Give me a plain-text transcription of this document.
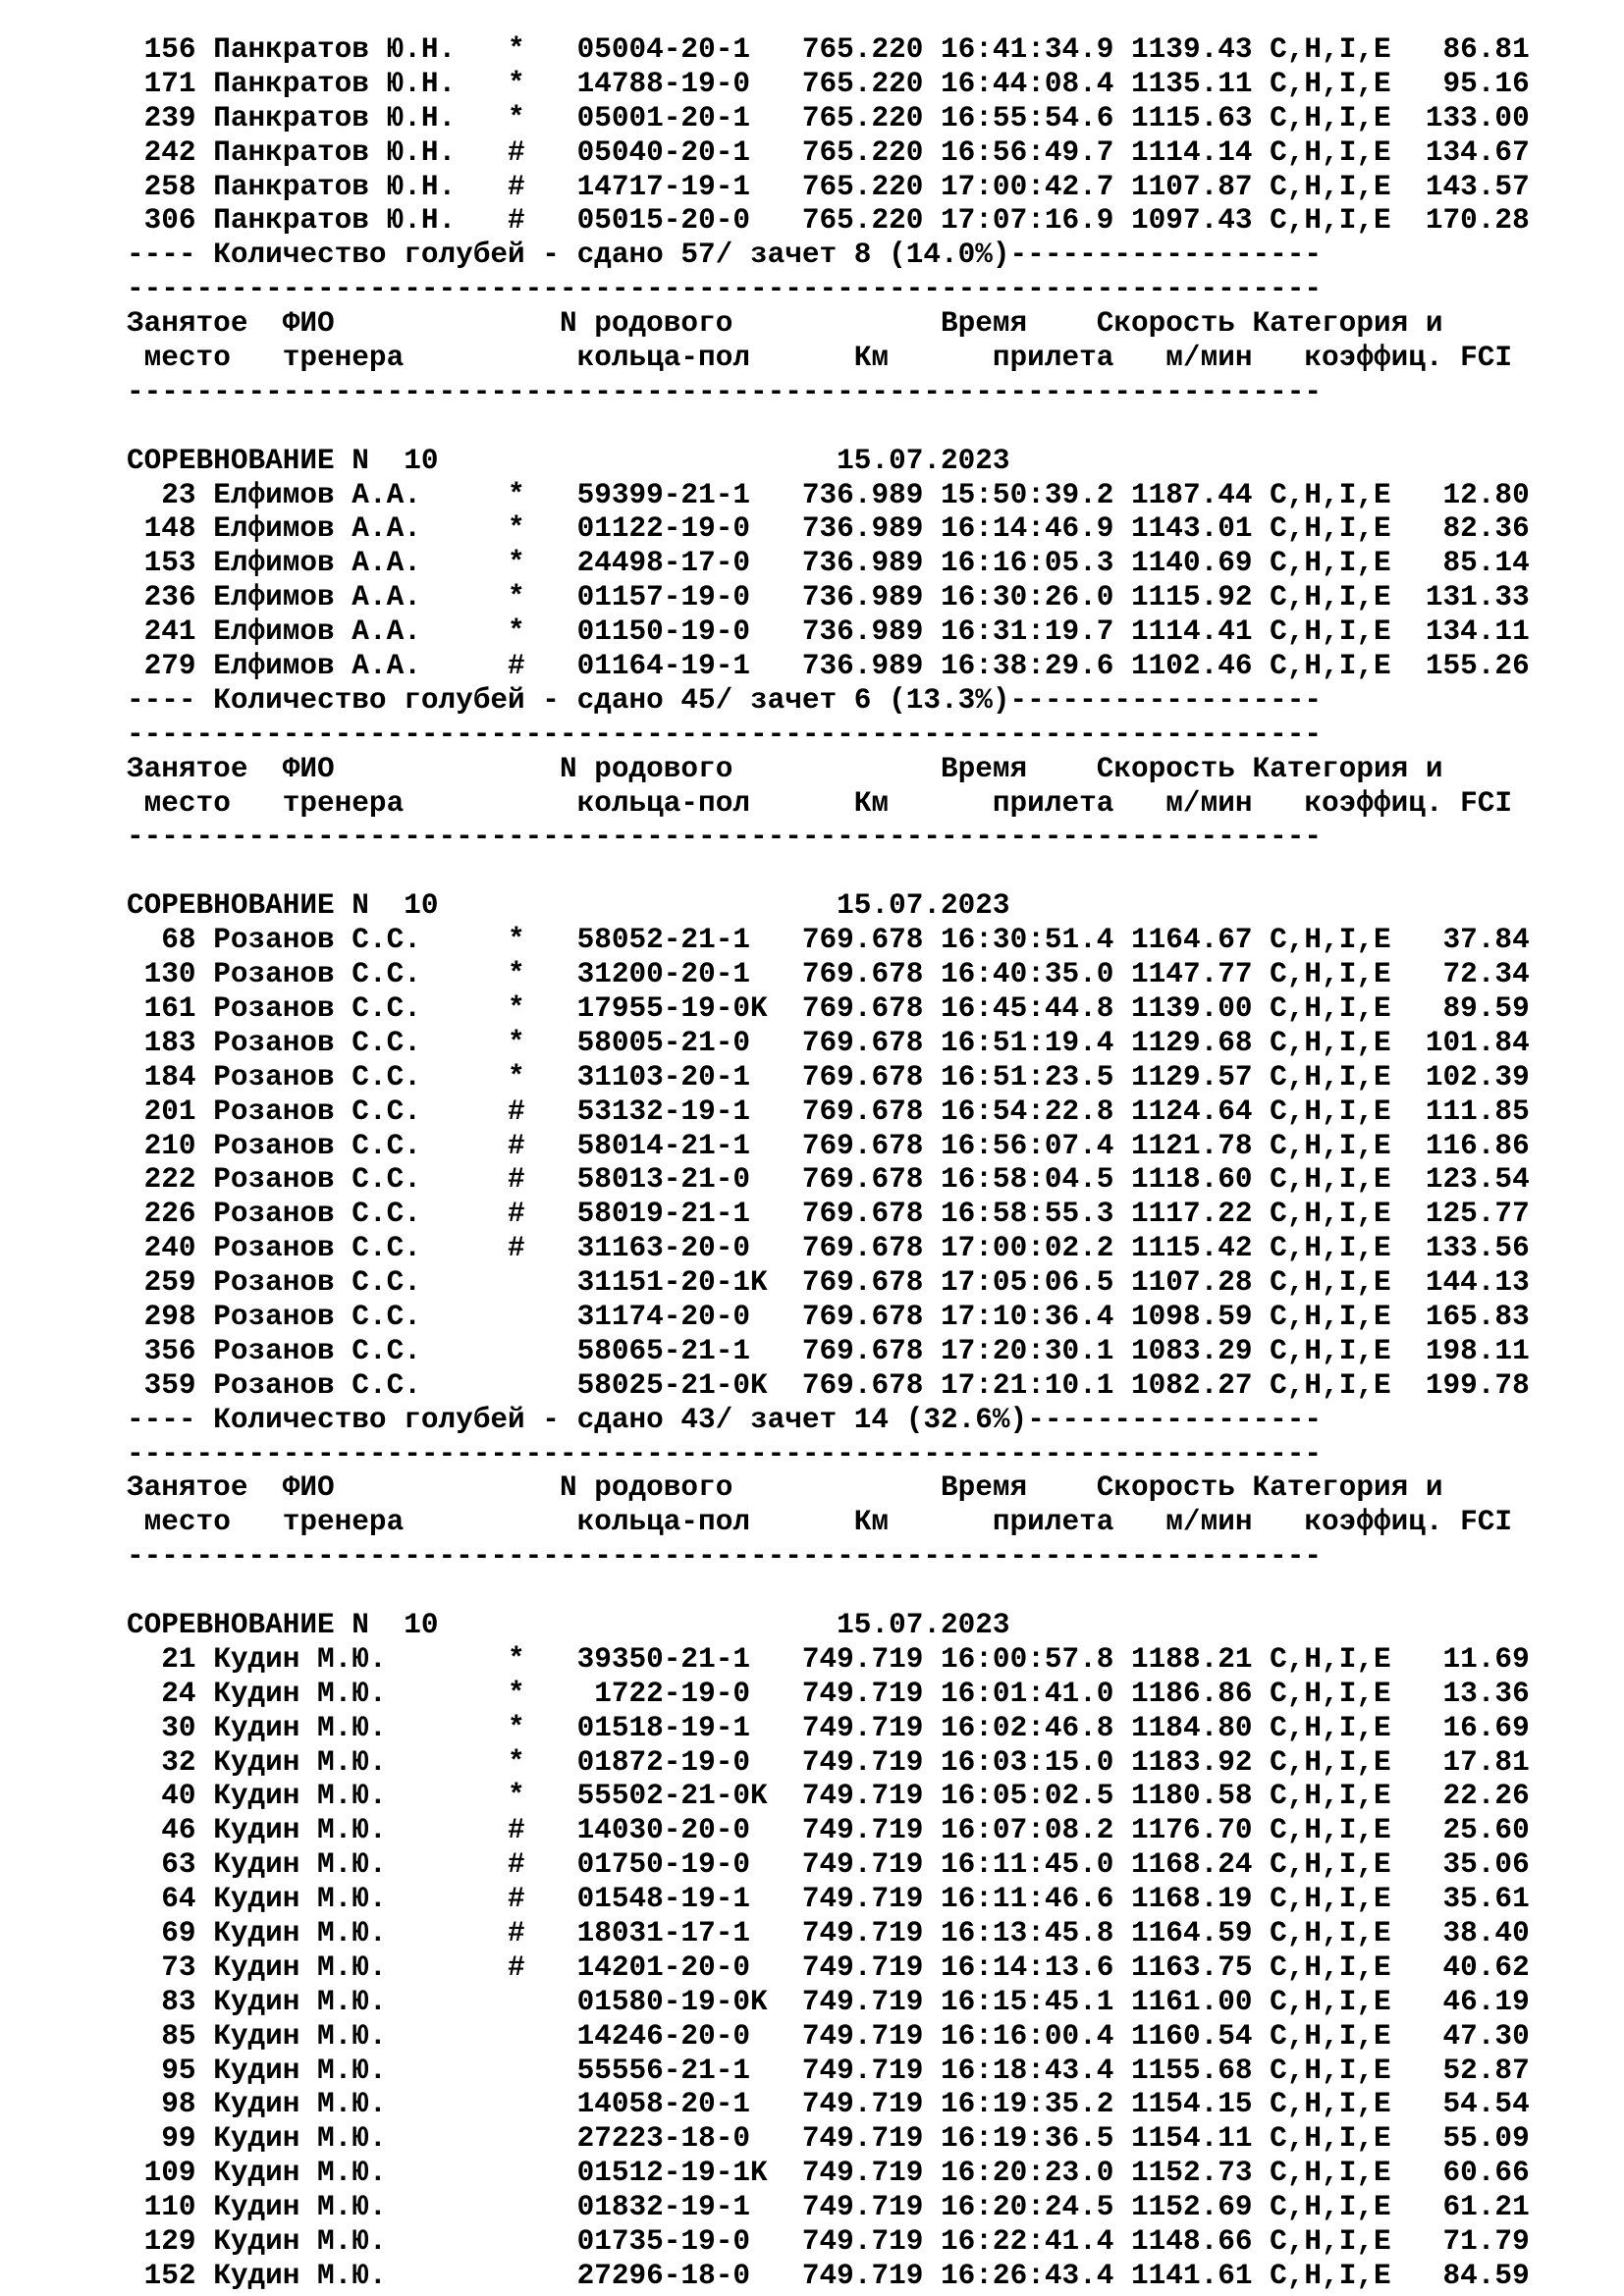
156 Панкратов Ю.Н. * 05004-20-1   765.220 16:41:34.9 1139.43 C,H,I,E   86.81
171 Панкратов Ю.Н. * 14788-19-0   765.220 16:44:08.4 1135.11 C,H,I,E   95.16
239 Панкратов Ю.Н. * 05001-20-1   765.220 16:55:54.6 1115.63 C,H,I,E  133.00
242 Панкратов Ю.Н. # 05040-20-1   765.220 16:56:49.7 1114.14 C,H,I,E  134.67
258 Панкратов Ю.Н. # 14717-19-1   765.220 17:00:42.7 1107.87 C,H,I,E  143.57
306 Панкратов Ю.Н. # 05015-20-0   765.220 17:07:16.9 1097.43 C,H,I,E  170.28
---- Количество голубей - сдано 57/ зачет 8 (14.0%)------------------
---------------------------------------------------------------------
Занятое ФИО	N родового	Время Скорость Категория и
место тренера	кольца-пол	Км	прилета м/мин коэффиц. FCI
---------------------------------------------------------------------
СОРЕВНОВАНИЕ N 10	15.07.2023
23 Елфимов А.А.     * 59399-21-1   736.989 15:50:39.2 1187.44 C,H,I,E   12.80
148 Елфимов А.А.     * 01122-19-0   736.989 16:14:46.9 1143.01 C,H,I,E   82.36
153 Елфимов А.А.     * 24498-17-0   736.989 16:16:05.3 1140.69 C,H,I,E   85.14
236 Елфимов А.А.     * 01157-19-0   736.989 16:30:26.0 1115.92 C,H,I,E  131.33
241 Елфимов А.А.     * 01150-19-0   736.989 16:31:19.7 1114.41 C,H,I,E  134.11
279 Елфимов А.А.     # 01164-19-1   736.989 16:38:29.6 1102.46 C,H,I,E  155.26
---- Количество голубей - сдано 45/ зачет 6 (13.3%)------------------
---------------------------------------------------------------------
Занятое ФИО	N родового	Время Скорость Категория и
место тренера	кольца-пол	Км	прилета м/мин коэффиц. FCI
---------------------------------------------------------------------
СОРЕВНОВАНИЕ N 10	15.07.2023
68 Розанов С.С.     * 58052-21-1   769.678 16:30:51.4 1164.67 C,H,I,E   37.84
130 Розанов С.С.     * 31200-20-1   769.678 16:40:35.0 1147.77 C,H,I,E   72.34
161 Розанов С.С.     * 17955-19-0K 769.678 16:45:44.8 1139.00 C,H,I,E   89.59
183 Розанов С.С.     * 58005-21-0   769.678 16:51:19.4 1129.68 C,H,I,E  101.84
184 Розанов С.С.     * 31103-20-1   769.678 16:51:23.5 1129.57 C,H,I,E  102.39
201 Розанов С.С.     # 53132-19-1   769.678 16:54:22.8 1124.64 C,H,I,E  111.85
210 Розанов С.С.     # 58014-21-1   769.678 16:56:07.4 1121.78 C,H,I,E  116.86
222 Розанов С.С.     # 58013-21-0   769.678 16:58:04.5 1118.60 C,H,I,E  123.54
226 Розанов С.С.     # 58019-21-1   769.678 16:58:55.3 1117.22 C,H,I,E  125.77
240 Розанов С.С.     # 31163-20-0   769.678 17:00:02.2 1115.42 C,H,I,E  133.56
259 Розанов С.С.	31151-20-1K 769.678 17:05:06.5 1107.28 C,H,I,E  144.13
298 Розанов С.С.	31174-20-0   769.678 17:10:36.4 1098.59 C,H,I,E  165.83
356 Розанов С.С.	58065-21-1   769.678 17:20:30.1 1083.29 C,H,I,E  198.11
359 Розанов С.С.	58025-21-0K 769.678 17:21:10.1 1082.27 C,H,I,E  199.78
---- Количество голубей - сдано 43/ зачет 14 (32.6%)-----------------
---------------------------------------------------------------------
Занятое ФИО	N родового	Время Скорость Категория и
место тренера	кольца-пол	Км	прилета м/мин коэффиц. FCI
---------------------------------------------------------------------
СОРЕВНОВАНИЕ N 10	15.07.2023
21 Кудин М.Ю.       * 39350-21-1   749.719 16:00:57.8 1188.21 C,H,I,E   11.69
24 Кудин М.Ю.       *    1722-19-0   749.719 16:01:41.0 1186.86 C,H,I,E   13.36
30 Кудин М.Ю.       * 01518-19-1   749.719 16:02:46.8 1184.80 C,H,I,E   16.69
32 Кудин М.Ю.       * 01872-19-0   749.719 16:03:15.0 1183.92 C,H,I,E   17.81
40 Кудин М.Ю.       * 55502-21-0K 749.719 16:05:02.5 1180.58 C,H,I,E   22.26
46 Кудин М.Ю.       # 14030-20-0   749.719 16:07:08.2 1176.70 C,H,I,E   25.60
63 Кудин М.Ю.       # 01750-19-0   749.719 16:11:45.0 1168.24 C,H,I,E   35.06
64 Кудин М.Ю.       # 01548-19-1   749.719 16:11:46.6 1168.19 C,H,I,E   35.61
69 Кудин М.Ю.       # 18031-17-1   749.719 16:13:45.8 1164.59 C,H,I,E   38.40
73 Кудин М.Ю.       # 14201-20-0   749.719 16:14:13.6 1163.75 C,H,I,E   40.62
83 Кудин М.Ю.	01580-19-0K 749.719 16:15:45.1 1161.00 C,H,I,E   46.19
85 Кудин М.Ю.	14246-20-0   749.719 16:16:00.4 1160.54 C,H,I,E   47.30
95 Кудин М.Ю.	55556-21-1   749.719 16:18:43.4 1155.68 C,H,I,E   52.87
98 Кудин М.Ю.	14058-20-1   749.719 16:19:35.2 1154.15 C,H,I,E   54.54
99 Кудин М.Ю.	27223-18-0   749.719 16:19:36.5 1154.11 C,H,I,E   55.09
109 Кудин М.Ю.	01512-19-1K 749.719 16:20:23.0 1152.73 C,H,I,E   60.66
110 Кудин М.Ю.	01832-19-1   749.719 16:20:24.5 1152.69 C,H,I,E   61.21
129 Кудин М.Ю.	01735-19-0   749.719 16:22:41.4 1148.66 C,H,I,E   71.79
152 Кудин М.Ю.	27296-18-0   749.719 16:26:43.4 1141.61 C,H,I,E   84.59
